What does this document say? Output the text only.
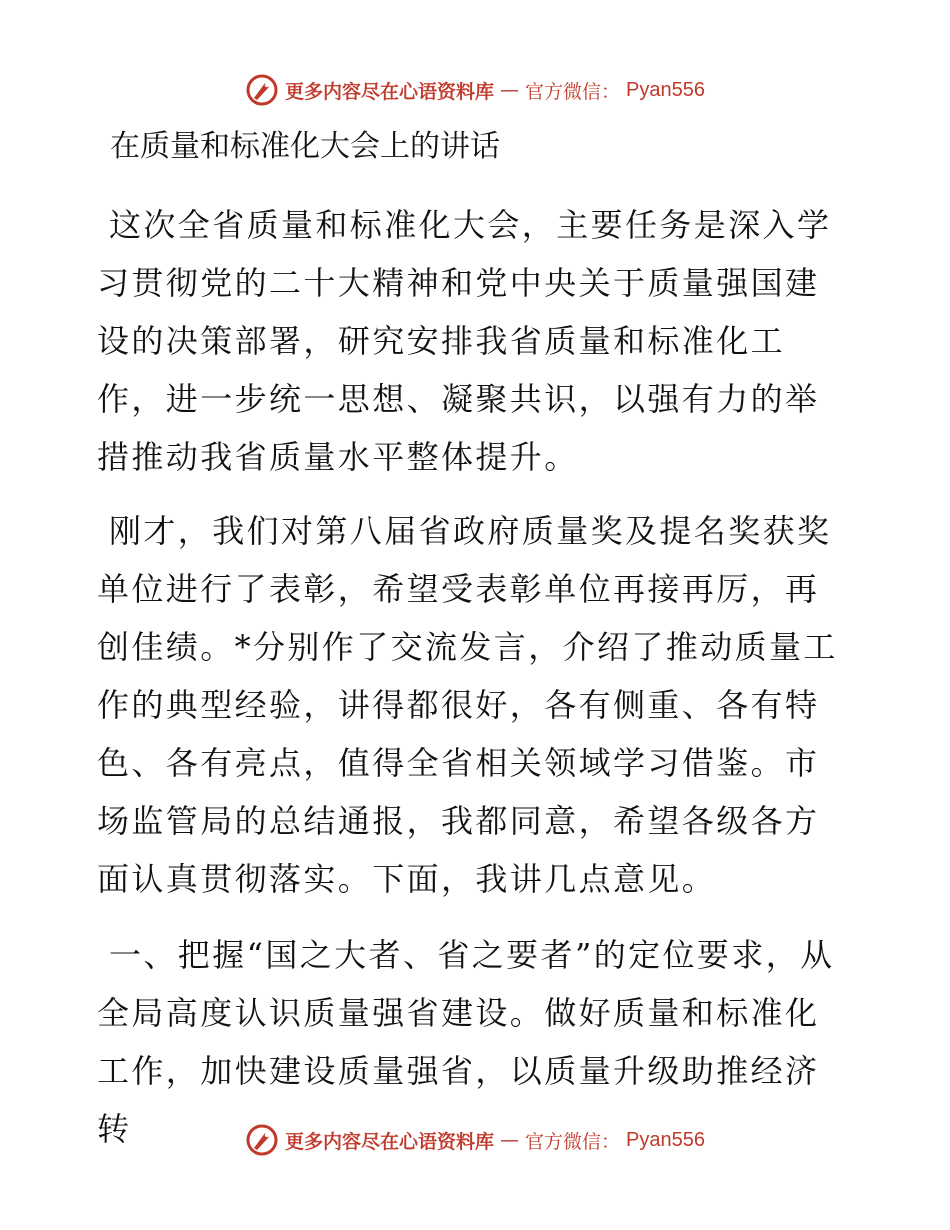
更多内容尽在心语资料库 — 官方微信： Pyan556
在质量和标准化大会上的讲话

这次全省质量和标准化大会，主要任务是深入学习贯彻党的二十大精神和党中央关于质量强国建设的决策部署，研究安排我省质量和标准化工作，进一步统一思想、凝聚共识，以强有力的举措推动我省质量水平整体提升。

刚才，我们对第八届省政府质量奖及提名奖获奖单位进行了表彰，希望受表彰单位再接再厉，再创佳绩。*分别作了交流发言，介绍了推动质量工作的典型经验，讲得都很好，各有侧重、各有特色、各有亮点，值得全省相关领域学习借鉴。市场监管局的总结通报，我都同意，希望各级各方面认真贯彻落实。下面，我讲几点意见。

一、把握“国之大者、省之要者”的定位要求，从全局高度认识质量强省建设。做好质量和标准化工作，加快建设质量强省，以质量升级助推经济转	更多内容尽在心语资料库 — 官方微信： Pyan556
